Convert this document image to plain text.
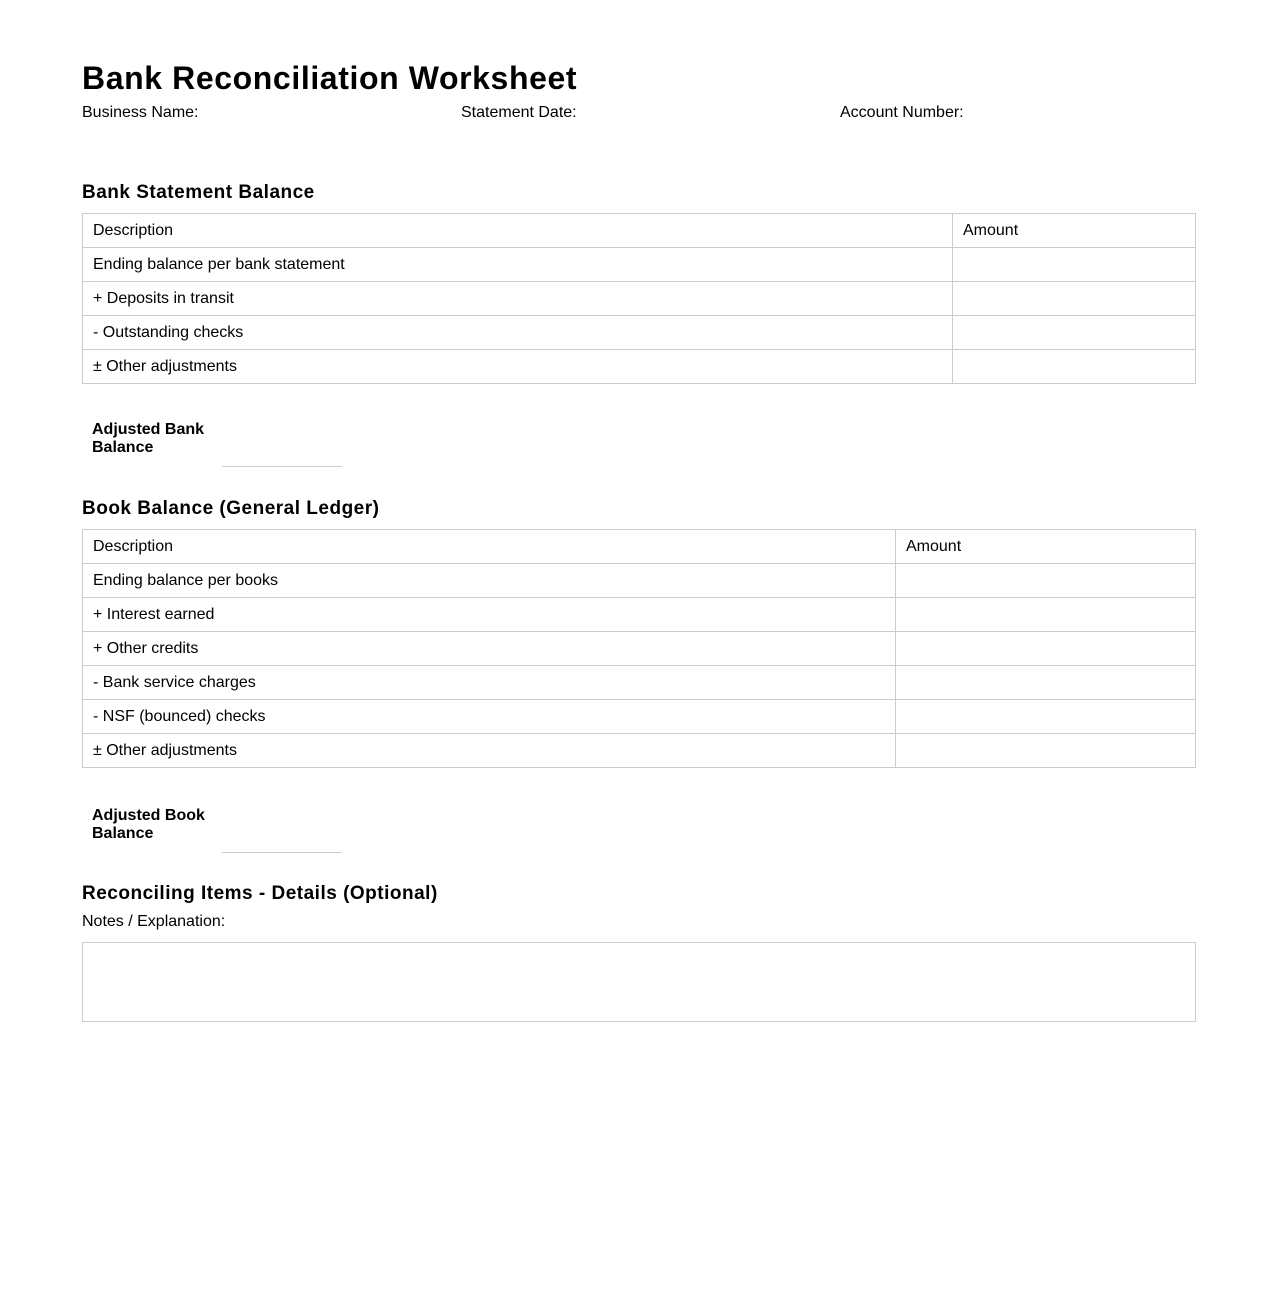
Bank Reconciliation Worksheet
Business Name:	Statement Date:	Account Number:
Bank Statement Balance
Description	Amount
Ending balance per bank statement	
+ Deposits in transit	
- Outstanding checks	
± Other adjustments	
Adjusted Bank Balance
Book Balance (General Ledger)
Description	Amount
Ending balance per books	
+ Interest earned	
+ Other credits	
- Bank service charges	
- NSF (bounced) checks	
± Other adjustments	
Adjusted Book Balance
Reconciling Items - Details (Optional)
Notes / Explanation:
